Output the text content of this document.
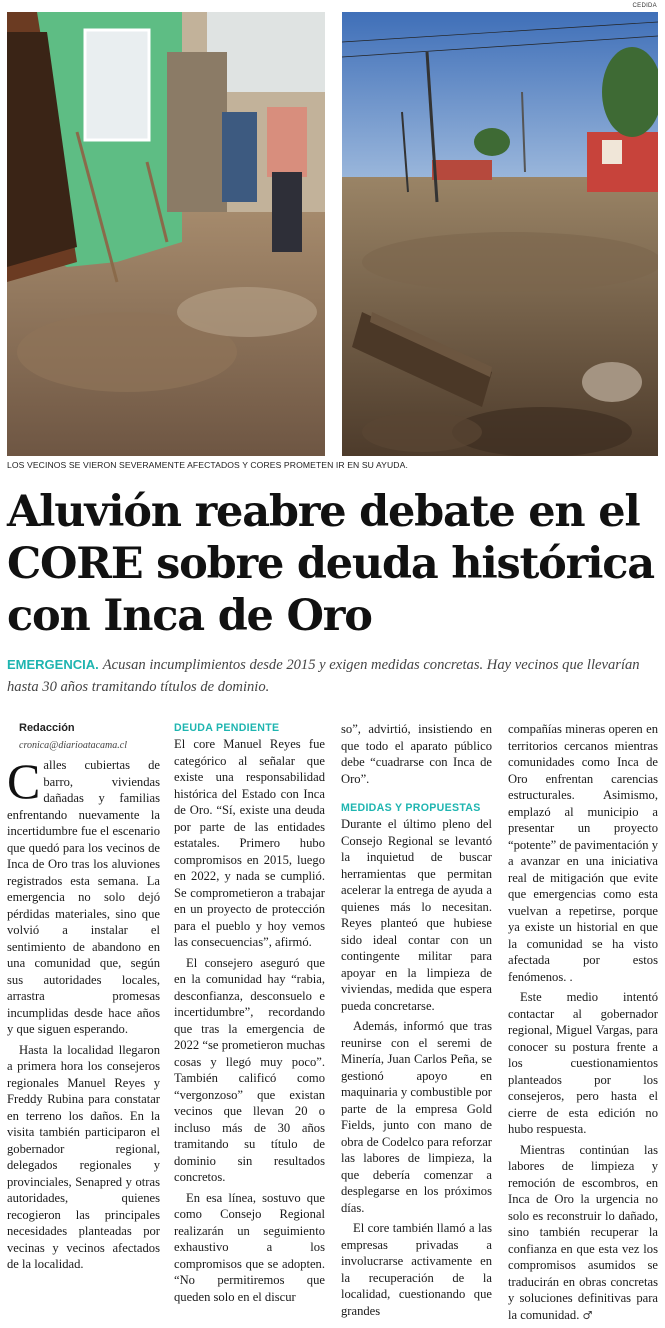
CEDIDA
LOS VECINOS SE VIERON SEVERAMENTE AFECTADOS Y CORES PROMETEN IR EN SU AYUDA.
Aluvión reabre debate en el CORE sobre deuda histórica con Inca de Oro
EMERGENCIA. Acusan incumplimientos desde 2015 y exigen medidas concretas. Hay vecinos que llevarían hasta 30 años tramitando títulos de dominio.

Redacción

cronica@diarioatacama.cl

Calles cubiertas de barro, viviendas dañadas y familias enfrentando nuevamente la incertidumbre fue el escenario que quedó para los vecinos de Inca de Oro tras los aluviones registrados esta semana. La emergencia no solo dejó pérdidas materiales, sino que volvió a instalar el sentimiento de abandono en una comunidad que, según sus autoridades locales, arrastra promesas incumplidas desde hace años y que siguen esperando.

Hasta la localidad llegaron a primera hora los consejeros regionales Manuel Reyes y Freddy Rubina para constatar en terreno los daños. En la visita también participaron el gobernador regional, delegados regionales y provinciales, Senapred y otras autoridades, quienes recogieron las principales necesidades planteadas por vecinas y vecinos afectados de la localidad.

DEUDA PENDIENTE

El core Manuel Reyes fue categórico al señalar que existe una responsabilidad histórica del Estado con Inca de Oro. “Sí, existe una deuda por parte de las entidades estatales. Primero hubo compromisos en 2015, luego en 2022, y nada se cumplió. Se comprometieron a trabajar en un proyecto de protección para el pueblo y hoy vemos las consecuencias”, afirmó.

El consejero aseguró que en la comunidad hay “rabia, desconfianza, desconsuelo e incertidumbre”, recordando que tras la emergencia de 2022 “se prometieron muchas cosas y llegó muy poco”. También calificó como “vergonzoso” que existan vecinos que llevan 20 o incluso más de 30 años tramitando su título de dominio sin resultados concretos.

En esa línea, sostuvo que como Consejo Regional realizarán un seguimiento exhaustivo a los compromisos que se adopten. “No permitiremos que queden solo en el discur

so”, advirtió, insistiendo en que todo el aparato público debe “cuadrarse con Inca de Oro”.

MEDIDAS Y PROPUESTAS

Durante el último pleno del Consejo Regional se levantó la inquietud de buscar herramientas que permitan acelerar la entrega de ayuda a quienes más lo necesitan. Reyes planteó que hubiese sido ideal contar con un contingente militar para apoyar en la limpieza de viviendas, medida que espera pueda concretarse.

Además, informó que tras reunirse con el seremi de Minería, Juan Carlos Peña, se gestionó apoyo en maquinaria y combustible por parte de la empresa Gold Fields, junto con mano de obra de Codelco para reforzar las labores de limpieza, la que debería comenzar a desplegarse en los próximos días.

El core también llamó a las empresas privadas a involucrarse activamente en la recuperación de la localidad, cuestionando que grandes

compañías mineras operen en territorios cercanos mientras comunidades como Inca de Oro enfrentan carencias estructurales. Asimismo, emplazó al municipio a presentar un proyecto “potente” de pavimentación y a avanzar en una iniciativa real de mitigación que evite que emergencias como esta vuelvan a repetirse, porque ya existe un historial en que la comunidad se ha visto afectada por estos fenómenos. .

Este medio intentó contactar al gobernador regional, Miguel Vargas, para conocer su postura frente a los cuestionamientos planteados por los consejeros, pero hasta el cierre de esta edición no hubo respuesta.

Mientras continúan las labores de limpieza y remoción de escombros, en Inca de Oro la urgencia no solo es reconstruir lo dañado, sino también recuperar la confianza en que esta vez los compromisos asumidos se traducirán en obras concretas y soluciones definitivas para la comunidad. ♂
